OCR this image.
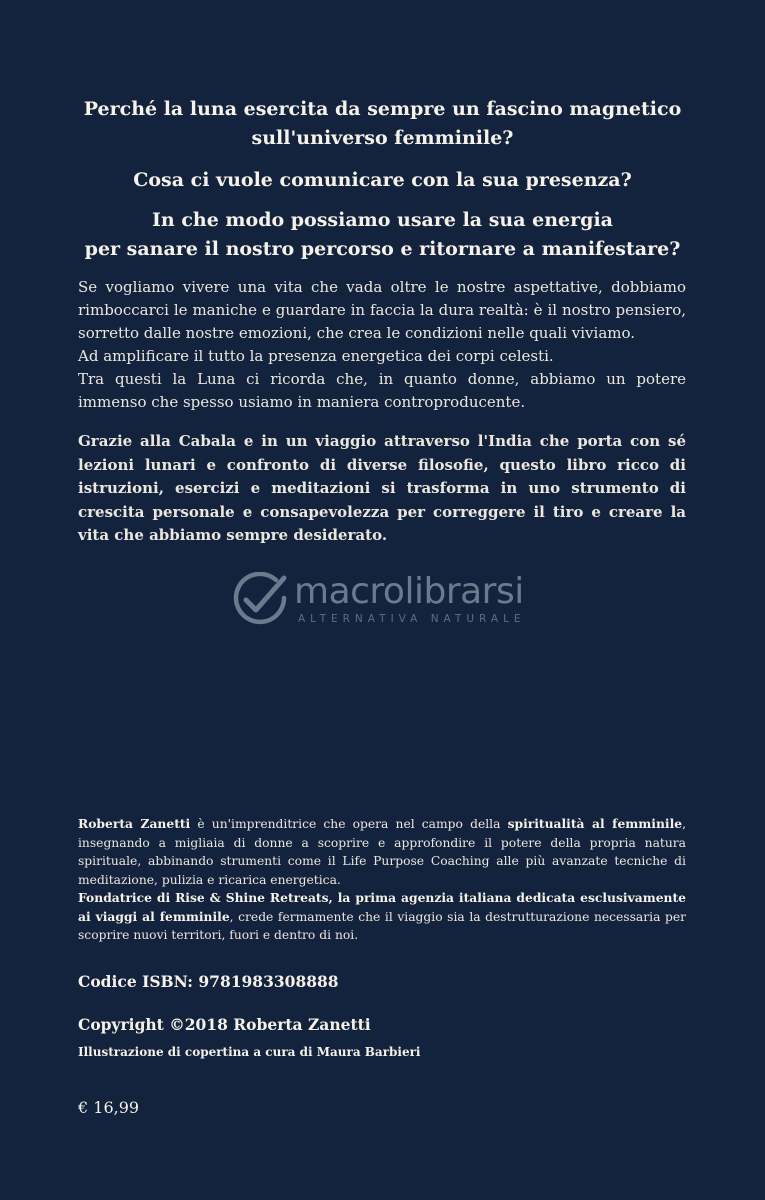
Perché la luna esercita da sempre un fascino magnetico
sull'universo femminile?
Cosa ci vuole comunicare con la sua presenza?
In che modo possiamo usare la sua energia
per sanare il nostro percorso e ritornare a manifestare?
Se vogliamo vivere una vita che vada oltre le nostre aspettative, dobbiamo rimboccarci le maniche e guardare in faccia la dura realtà: è il nostro pensiero, sorretto dalle nostre emozioni, che crea le condizioni nelle quali viviamo.
Ad amplificare il tutto la presenza energetica dei corpi celesti.
Tra questi la Luna ci ricorda che, in quanto donne, abbiamo un potere immenso che spesso usiamo in maniera controproducente.
Grazie alla Cabala e in un viaggio attraverso l'India che porta con sé lezioni lunari e confronto di diverse filosofie, questo libro ricco di istruzioni, esercizi e meditazioni si trasforma in uno strumento di crescita personale e consapevolezza per correggere il tiro e creare la vita che abbiamo sempre desiderato.
macrolibrarsi
ALTERNATIVA NATURALE
Roberta Zanetti è un'imprenditrice che opera nel campo della spiritualità al femminile, insegnando a migliaia di donne a scoprire e approfondire il potere della propria natura spirituale, abbinando strumenti come il Life Purpose Coaching alle più avanzate tecniche di meditazione, pulizia e ricarica energetica.
Fondatrice di Rise & Shine Retreats, la prima agenzia italiana dedicata esclusivamente ai viaggi al femminile, crede fermamente che il viaggio sia la destrutturazione necessaria per scoprire nuovi territori, fuori e dentro di noi.
Codice ISBN: 9781983308888
Copyright ©2018 Roberta Zanetti
Illustrazione di copertina a cura di Maura Barbieri
€ 16,99
